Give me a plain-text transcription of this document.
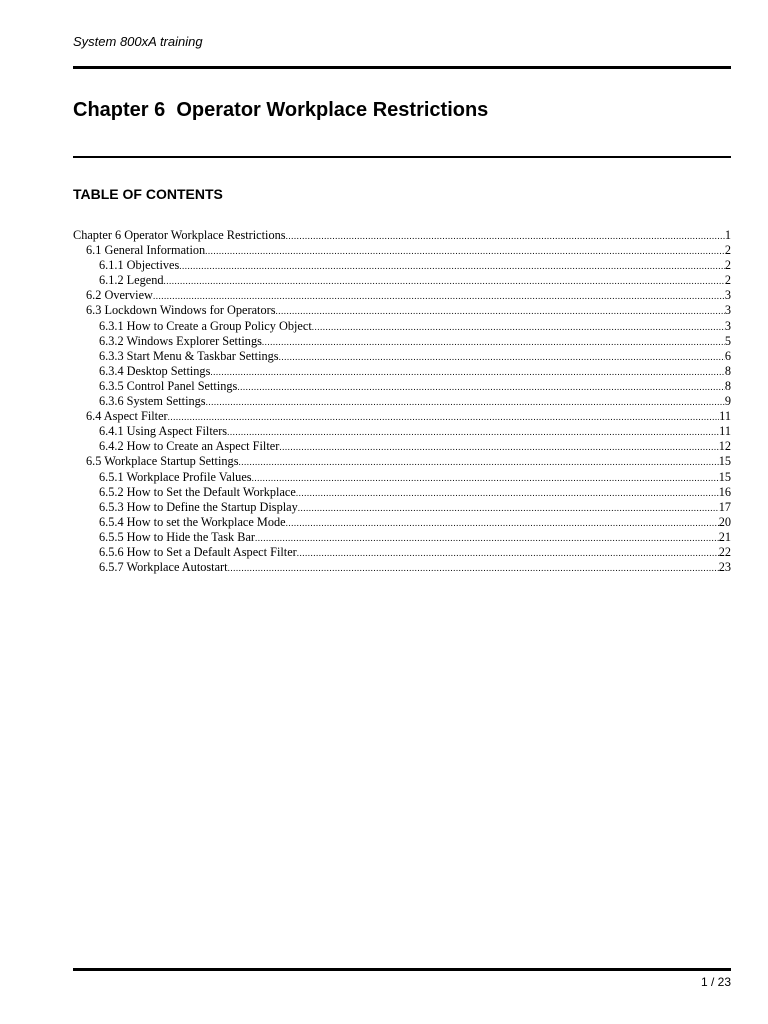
System 800xA training
Chapter 6  Operator Workplace Restrictions
TABLE OF CONTENTS
Chapter 6 Operator Workplace Restrictions .....	1
6.1 General Information .....	2
6.1.1 Objectives .....	2
6.1.2 Legend .....	2
6.2 Overview .....	3
6.3 Lockdown Windows for Operators .....	3
6.3.1 How to Create a Group Policy Object .....	3
6.3.2 Windows Explorer Settings .....	5
6.3.3 Start Menu & Taskbar Settings .....	6
6.3.4 Desktop Settings .....	8
6.3.5 Control Panel Settings .....	8
6.3.6 System Settings .....	9
6.4 Aspect Filter .....	11
6.4.1 Using Aspect Filters .....	11
6.4.2 How to Create an Aspect Filter .....	12
6.5 Workplace Startup Settings .....	15
6.5.1 Workplace Profile Values .....	15
6.5.2 How to Set the Default Workplace .....	16
6.5.3 How to Define the Startup Display .....	17
6.5.4 How to set the Workplace Mode .....	20
6.5.5 How to Hide the Task Bar .....	21
6.5.6 How to Set a Default Aspect Filter .....	22
6.5.7 Workplace Autostart .....	23
1 / 23
